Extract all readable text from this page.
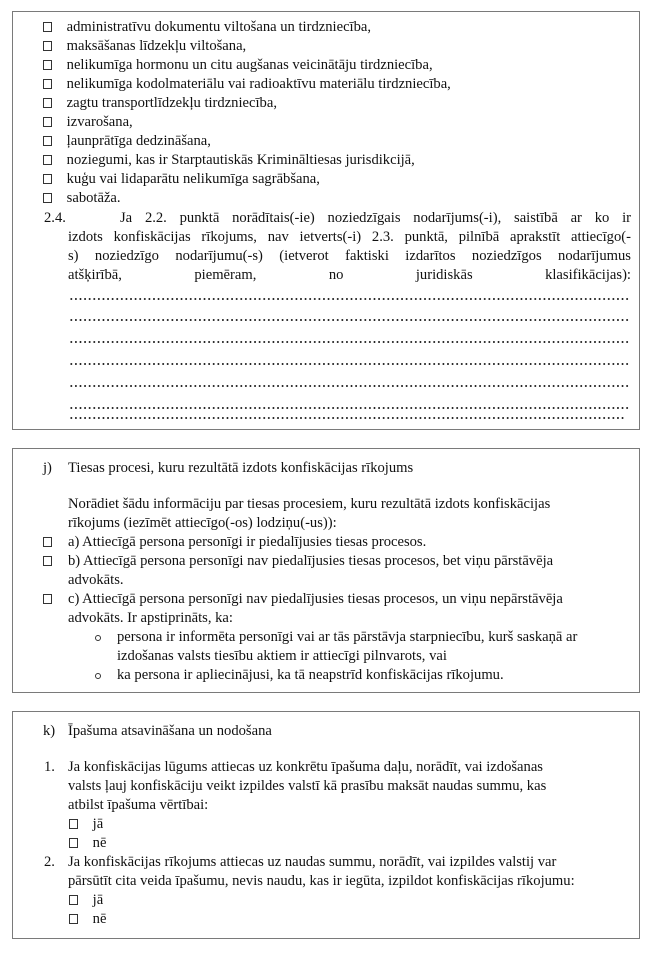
administratīvu dokumentu viltošana un tirdzniecība,
maksāšanas līdzekļu viltošana,
nelikumīga hormonu un citu augšanas veicinātāju tirdzniecība,
nelikumīga kodolmateriālu vai radioaktīvu materiālu tirdzniecība,
zagtu transportlīdzekļu tirdzniecība,
izvarošana,
ļaunprātīga dedzināšana,
noziegumi, kas ir Starptautiskās Krimināltiesas jurisdikcijā,
kuģu vai lidaparātu nelikumīga sagrābšana,
sabotāža.
2.4.	Ja 2.2. punktā norādītais(-ie) noziedzīgais nodarījums(-i), saistībā ar ko ir
izdots konfiskācijas rīkojums, nav ietverts(-i) 2.3. punktā, pilnībā aprakstīt attiecīgo(-
s) noziedzīgo nodarījumu(-s) (ietverot faktiski izdarītos noziedzīgos nodarījumus
atšķirībā, piemēram, no juridiskās klasifikācijas):
j) Tiesas procesi, kuru rezultātā izdots konfiskācijas rīkojums
Norādiet šādu informāciju par tiesas procesiem, kuru rezultātā izdots konfiskācijas
rīkojums (iezīmēt attiecīgo(-os) lodziņu(-us)):
a) Attiecīgā persona personīgi ir piedalījusies tiesas procesos.
b) Attiecīgā persona personīgi nav piedalījusies tiesas procesos, bet viņu pārstāvēja
advokāts.
c) Attiecīgā persona personīgi nav piedalījusies tiesas procesos, un viņu nepārstāvēja
advokāts. Ir apstiprināts, ka:
persona ir informēta personīgi vai ar tās pārstāvja starpniecību, kurš saskaņā ar
izdošanas valsts tiesību aktiem ir attiecīgi pilnvarots, vai
ka persona ir apliecinājusi, ka tā neapstrīd konfiskācijas rīkojumu.
k) Īpašuma atsavināšana un nodošana
1. Ja konfiskācijas lūgums attiecas uz konkrētu īpašuma daļu, norādīt, vai izdošanas
valsts ļauj konfiskāciju veikt izpildes valstī kā prasību maksāt naudas summu, kas
atbilst īpašuma vērtībai:
jā
nē
2. Ja konfiskācijas rīkojums attiecas uz naudas summu, norādīt, vai izpildes valstij var
pārsūtīt cita veida īpašumu, nevis naudu, kas ir iegūta, izpildot konfiskācijas rīkojumu:
jā
nē
